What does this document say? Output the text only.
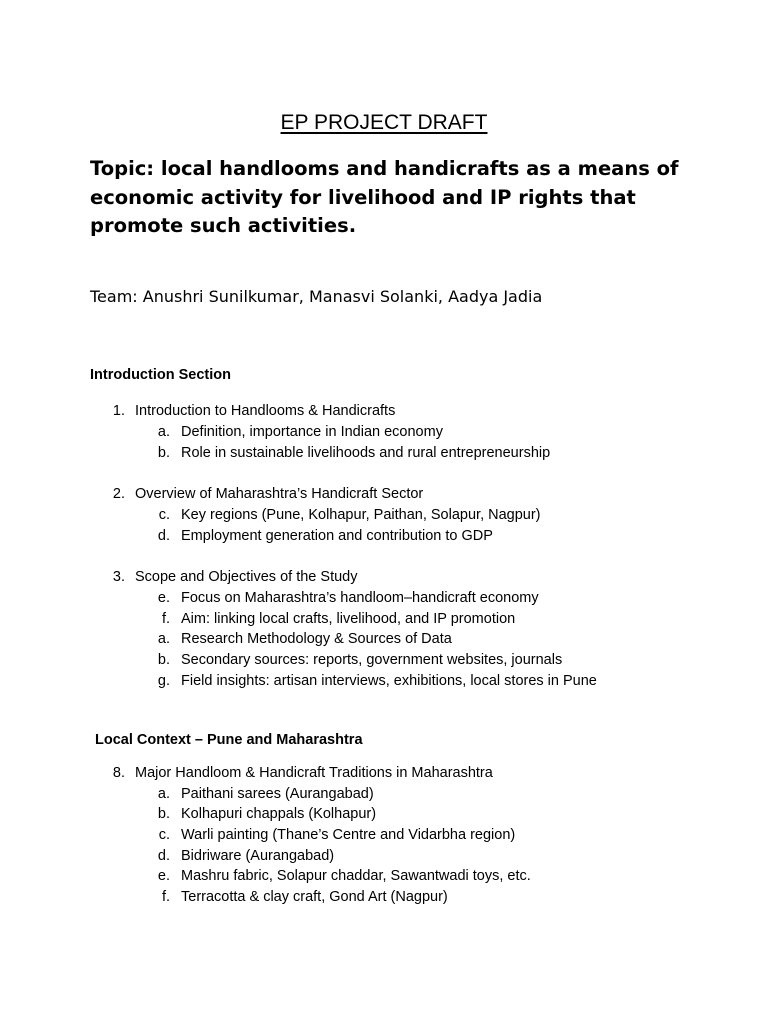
EP PROJECT DRAFT
Topic: local handlooms and handicrafts as a means of economic activity for livelihood and IP rights that promote such activities.
Team: Anushri Sunilkumar, Manasvi Solanki, Aadya Jadia
Introduction Section
1. Introduction to Handlooms & Handicrafts
a. Definition, importance in Indian economy
b. Role in sustainable livelihoods and rural entrepreneurship
2. Overview of Maharashtra’s Handicraft Sector
c. Key regions (Pune, Kolhapur, Paithan, Solapur, Nagpur)
d. Employment generation and contribution to GDP
3. Scope and Objectives of the Study
e. Focus on Maharashtra’s handloom–handicraft economy
f. Aim: linking local crafts, livelihood, and IP promotion
a. Research Methodology & Sources of Data
b. Secondary sources: reports, government websites, journals
g. Field insights: artisan interviews, exhibitions, local stores in Pune
Local Context – Pune and Maharashtra
8. Major Handloom & Handicraft Traditions in Maharashtra
a. Paithani sarees (Aurangabad)
b. Kolhapuri chappals (Kolhapur)
c. Warli painting (Thane’s Centre and Vidarbha region)
d. Bidriware (Aurangabad)
e. Mashru fabric, Solapur chaddar, Sawantwadi toys, etc.
f. Terracotta & clay craft, Gond Art (Nagpur)
